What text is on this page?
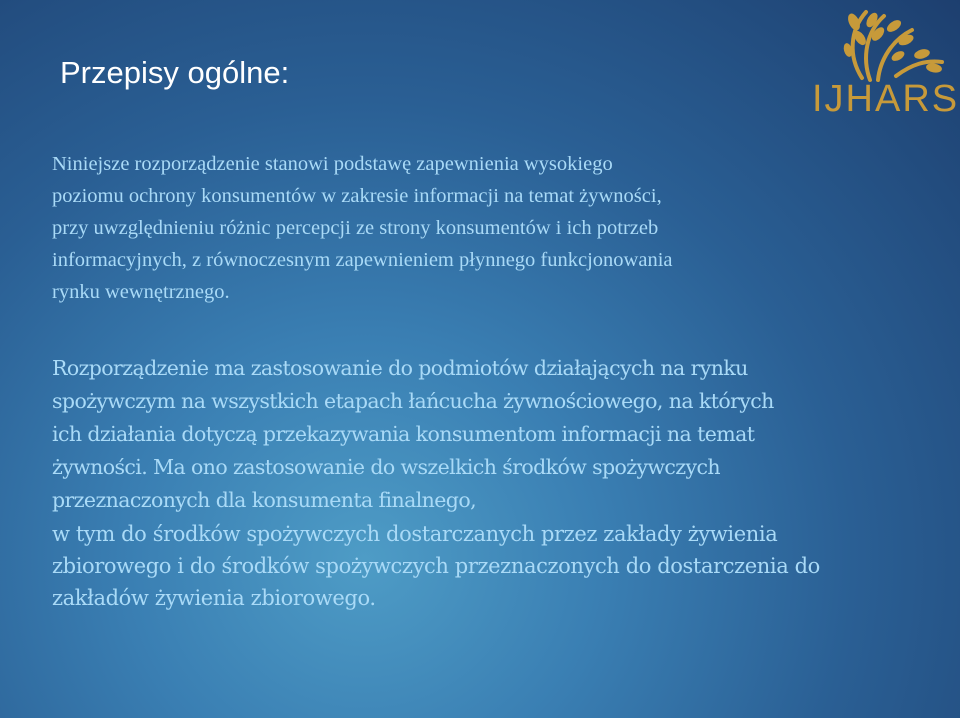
IJHARS
Przepisy ogólne:

Niniejsze rozporządzenie stanowi podstawę zapewnienia wysokiego
poziomu ochrony konsumentów w zakresie informacji na temat żywności,
przy uwzględnieniu różnic percepcji ze strony konsumentów i ich potrzeb
informacyjnych, z równoczesnym zapewnieniem płynnego funkcjonowania
rynku wewnętrznego.

Rozporządzenie ma zastosowanie do podmiotów działających na rynku
spożywczym na wszystkich etapach łańcucha żywnościowego, na których
ich działania dotyczą przekazywania konsumentom informacji na temat
żywności. Ma ono zastosowanie do wszelkich środków spożywczych
przeznaczonych dla konsumenta finalnego,

w tym do środków spożywczych dostarczanych przez zakłady żywienia
zbiorowego i do środków spożywczych przeznaczonych do dostarczenia do
zakładów żywienia zbiorowego.
